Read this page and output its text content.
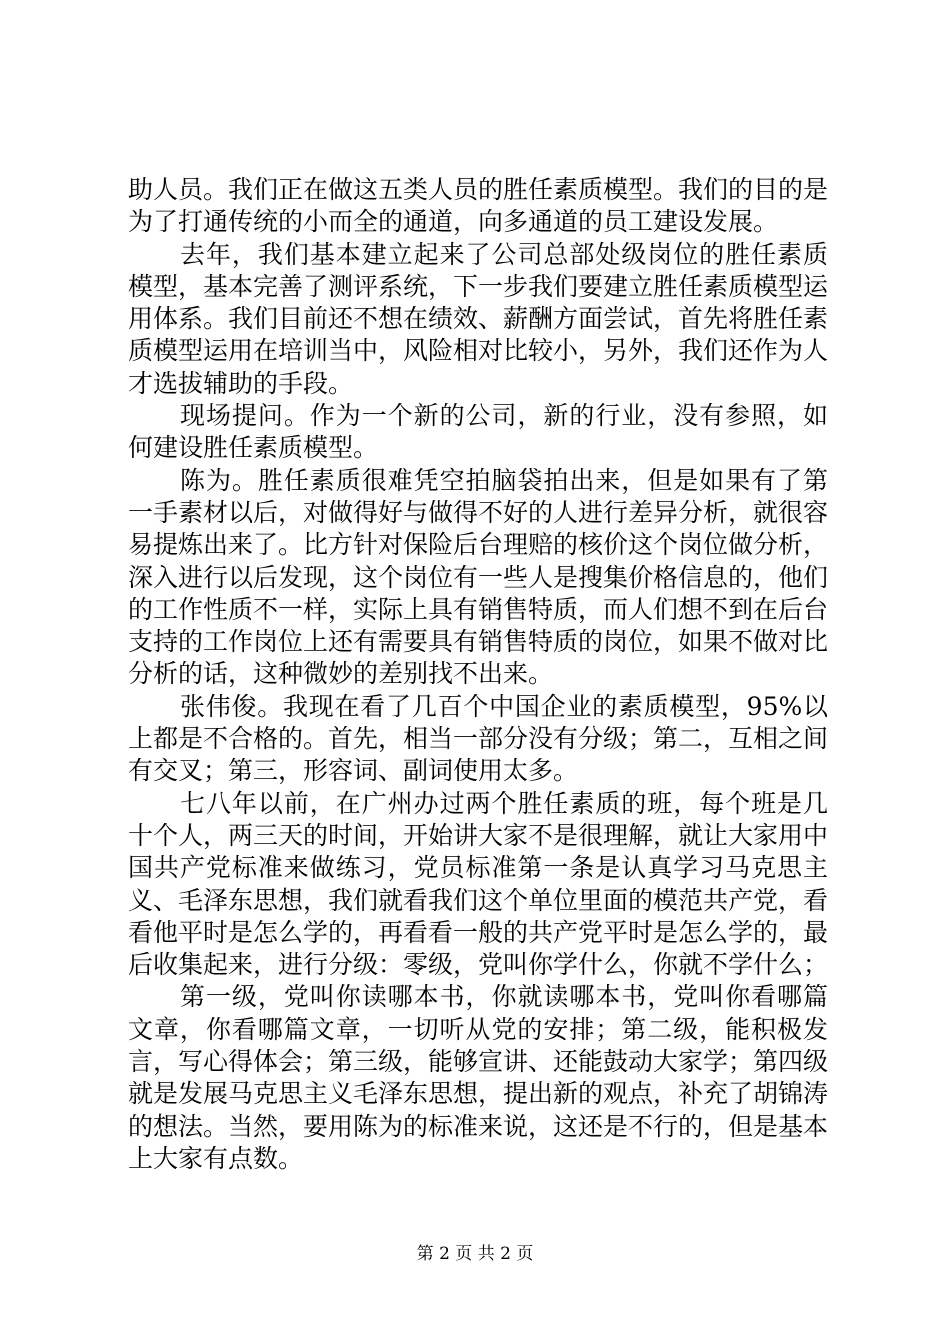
助人员。我们正在做这五类人员的胜任素质模型。我们的目的是为了打通传统的小而全的通道，向多通道的员工建设发展。

去年，我们基本建立起来了公司总部处级岗位的胜任素质模型，基本完善了测评系统，下一步我们要建立胜任素质模型运用体系。我们目前还不想在绩效、薪酬方面尝试，首先将胜任素质模型运用在培训当中，风险相对比较小，另外，我们还作为人才选拔辅助的手段。

现场提问。作为一个新的公司，新的行业，没有参照，如何建设胜任素质模型。

陈为。胜任素质很难凭空拍脑袋拍出来，但是如果有了第一手素材以后，对做得好与做得不好的人进行差异分析，就很容易提炼出来了。比方针对保险后台理赔的核价这个岗位做分析，深入进行以后发现，这个岗位有一些人是搜集价格信息的，他们的工作性质不一样，实际上具有销售特质，而人们想不到在后台支持的工作岗位上还有需要具有销售特质的岗位，如果不做对比分析的话，这种微妙的差别找不出来。

张伟俊。我现在看了几百个中国企业的素质模型，95%以上都是不合格的。首先，相当一部分没有分级；第二，互相之间有交叉；第三，形容词、副词使用太多。

七八年以前，在广州办过两个胜任素质的班，每个班是几十个人，两三天的时间，开始讲大家不是很理解，就让大家用中国共产党标准来做练习，党员标准第一条是认真学习马克思主义、毛泽东思想，我们就看我们这个单位里面的模范共产党，看看他平时是怎么学的，再看看一般的共产党平时是怎么学的，最后收集起来，进行分级：零级，党叫你学什么，你就不学什么；

第一级，党叫你读哪本书，你就读哪本书，党叫你看哪篇文章，你看哪篇文章，一切听从党的安排；第二级，能积极发言，写心得体会；第三级，能够宣讲、还能鼓动大家学；第四级就是发展马克思主义毛泽东思想，提出新的观点，补充了胡锦涛的想法。当然，要用陈为的标准来说，这还是不行的，但是基本上大家有点数。

第 2 页 共 2 页
